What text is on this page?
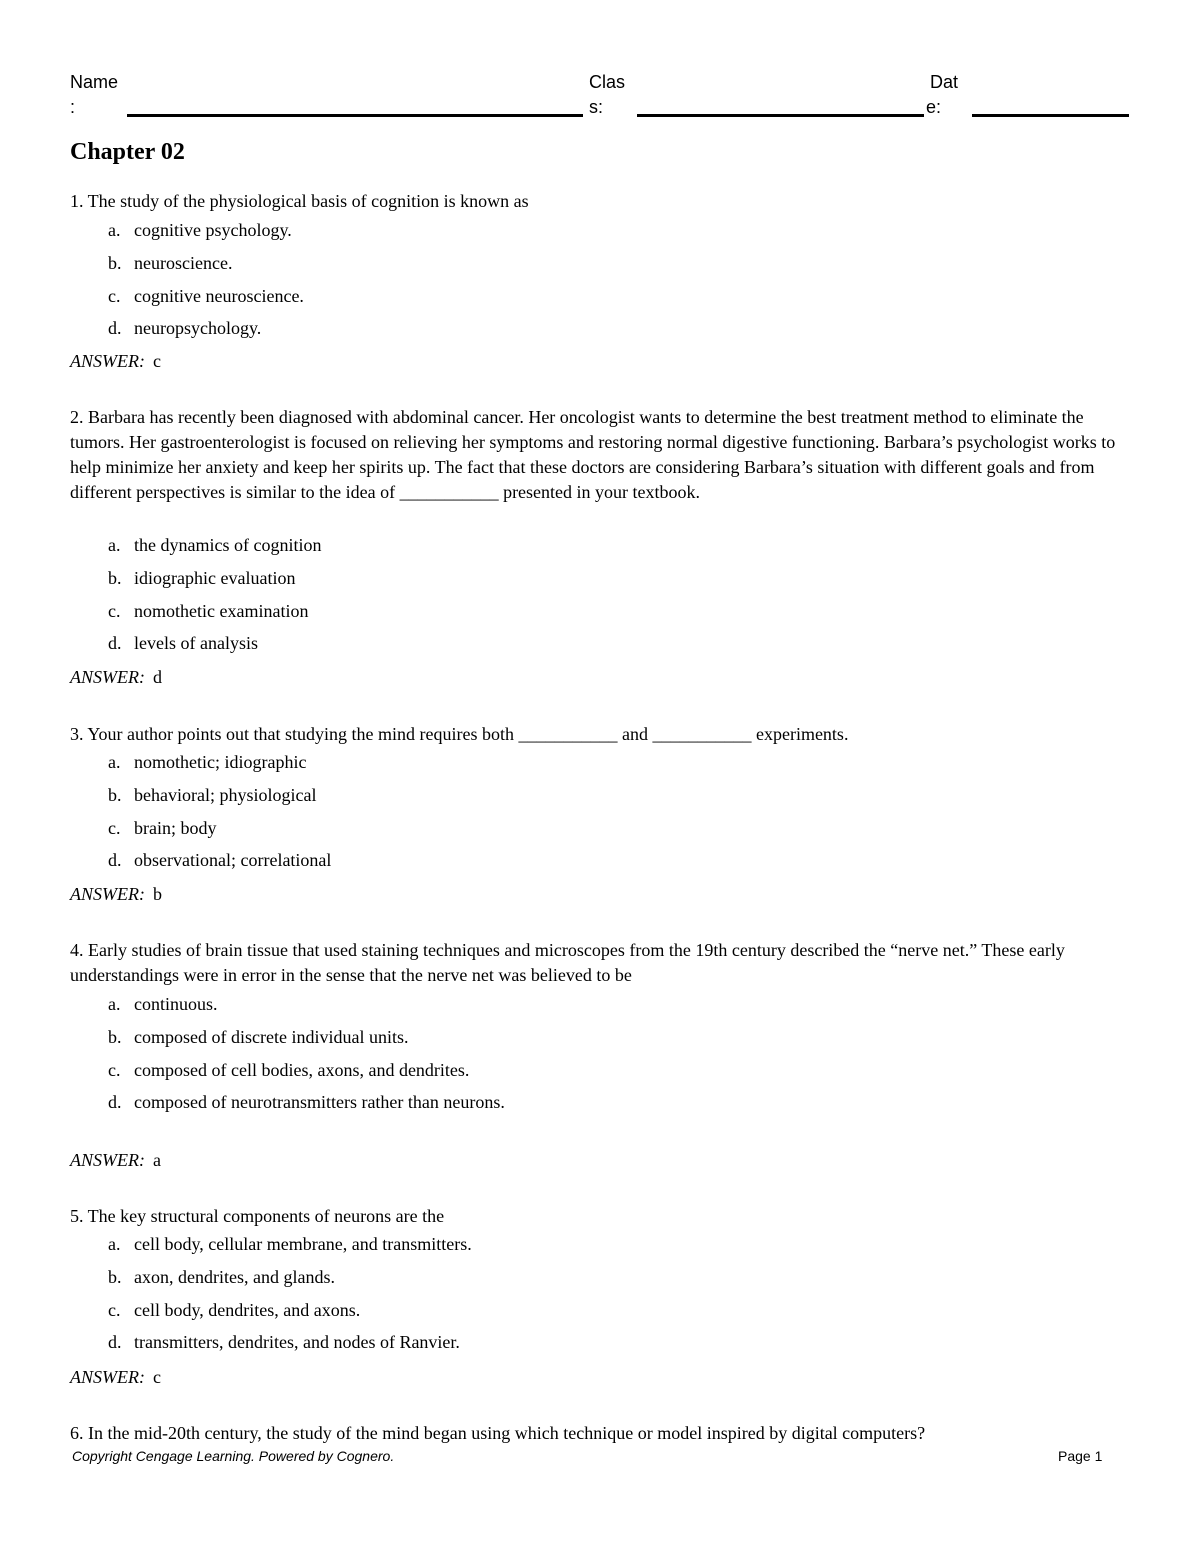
Name
:
Clas
s:
Dat
e:
Chapter 02
1. The study of the physiological basis of cognition is known as
a. cognitive psychology.
b. neuroscience.
c. cognitive neuroscience.
d. neuropsychology.
ANSWER: c
2. Barbara has recently been diagnosed with abdominal cancer. Her oncologist wants to determine the best treatment method to eliminate the tumors. Her gastroenterologist is focused on relieving her symptoms and restoring normal digestive functioning. Barbara’s psychologist works to help minimize her anxiety and keep her spirits up. The fact that these doctors are considering Barbara’s situation with different goals and from different perspectives is similar to the idea of ___________ presented in your textbook.
a. the dynamics of cognition
b. idiographic evaluation
c. nomothetic examination
d. levels of analysis
ANSWER: d
3. Your author points out that studying the mind requires both ___________ and ___________ experiments.
a. nomothetic; idiographic
b. behavioral; physiological
c. brain; body
d. observational; correlational
ANSWER: b
4. Early studies of brain tissue that used staining techniques and microscopes from the 19th century described the “nerve net.” These early understandings were in error in the sense that the nerve net was believed to be
a. continuous.
b. composed of discrete individual units.
c. composed of cell bodies, axons, and dendrites.
d. composed of neurotransmitters rather than neurons.
ANSWER: a
5. The key structural components of neurons are the
a. cell body, cellular membrane, and transmitters.
b. axon, dendrites, and glands.
c. cell body, dendrites, and axons.
d. transmitters, dendrites, and nodes of Ranvier.
ANSWER: c
6. In the mid-20th century, the study of the mind began using which technique or model inspired by digital computers?
Copyright Cengage Learning. Powered by Cognero.	Page 1
